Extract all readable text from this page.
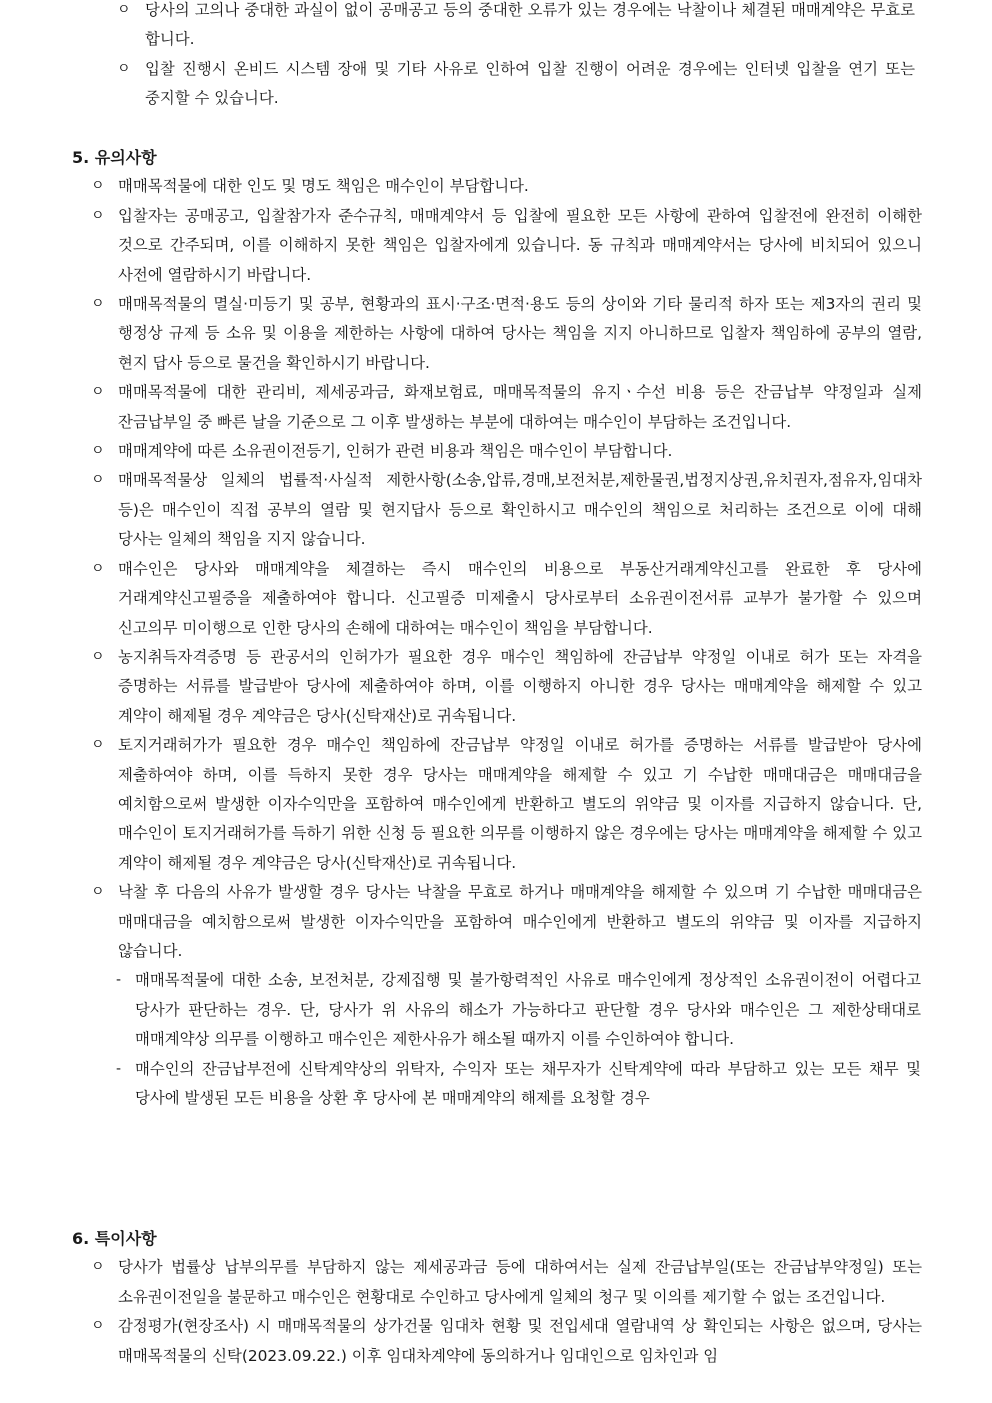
ㅇ 당사의 고의나 중대한 과실이 없이 공매공고 등의 중대한 오류가 있는 경우에는 낙찰이나 체결된 매매계약은 무효로 합니다.
ㅇ 입찰 진행시 온비드 시스템 장애 및 기타 사유로 인하여 입찰 진행이 어려운 경우에는 인터넷 입찰을 연기 또는 중지할 수 있습니다.
5. 유의사항
ㅇ 매매목적물에 대한 인도 및 명도 책임은 매수인이 부담합니다.
ㅇ 입찰자는 공매공고, 입찰참가자 준수규칙, 매매계약서 등 입찰에 필요한 모든 사항에 관하여 입찰전에 완전히 이해한 것으로 간주되며, 이를 이해하지 못한 책임은 입찰자에게 있습니다. 동 규칙과 매매계약서는 당사에 비치되어 있으니 사전에 열람하시기 바랍니다.
ㅇ 매매목적물의 멸실·미등기 및 공부, 현황과의 표시·구조·면적·용도 등의 상이와 기타 물리적 하자 또는 제3자의 권리 및 행정상 규제 등 소유 및 이용을 제한하는 사항에 대하여 당사는 책임을 지지 아니하므로 입찰자 책임하에 공부의 열람, 현지 답사 등으로 물건을 확인하시기 바랍니다.
ㅇ 매매목적물에 대한 관리비, 제세공과금, 화재보험료, 매매목적물의 유지ㆍ수선 비용 등은 잔금납부 약정일과 실제 잔금납부일 중 빠른 날을 기준으로 그 이후 발생하는 부분에 대하여는 매수인이 부담하는 조건입니다.
ㅇ 매매계약에 따른 소유권이전등기, 인허가 관련 비용과 책임은 매수인이 부담합니다.
ㅇ 매매목적물상 일체의 법률적·사실적 제한사항(소송,압류,경매,보전처분,제한물권,법정지상권,유치권자,점유자,임대차 등)은 매수인이 직접 공부의 열람 및 현지답사 등으로 확인하시고 매수인의 책임으로 처리하는 조건으로 이에 대해 당사는 일체의 책임을 지지 않습니다.
ㅇ 매수인은 당사와 매매계약을 체결하는 즉시 매수인의 비용으로 부동산거래계약신고를 완료한 후 당사에 거래계약신고필증을 제출하여야 합니다. 신고필증 미제출시 당사로부터 소유권이전서류 교부가 불가할 수 있으며 신고의무 미이행으로 인한 당사의 손해에 대하여는 매수인이 책임을 부담합니다.
ㅇ 농지취득자격증명 등 관공서의 인허가가 필요한 경우 매수인 책임하에 잔금납부 약정일 이내로 허가 또는 자격을 증명하는 서류를 발급받아 당사에 제출하여야 하며, 이를 이행하지 아니한 경우 당사는 매매계약을 해제할 수 있고 계약이 해제될 경우 계약금은 당사(신탁재산)로 귀속됩니다.
ㅇ 토지거래허가가 필요한 경우 매수인 책임하에 잔금납부 약정일 이내로 허가를 증명하는 서류를 발급받아 당사에 제출하여야 하며, 이를 득하지 못한 경우 당사는 매매계약을 해제할 수 있고 기 수납한 매매대금은 매매대금을 예치함으로써 발생한 이자수익만을 포함하여 매수인에게 반환하고 별도의 위약금 및 이자를 지급하지 않습니다. 단, 매수인이 토지거래허가를 득하기 위한 신청 등 필요한 의무를 이행하지 않은 경우에는 당사는 매매계약을 해제할 수 있고 계약이 해제될 경우 계약금은 당사(신탁재산)로 귀속됩니다.
ㅇ 낙찰 후 다음의 사유가 발생할 경우 당사는 낙찰을 무효로 하거나 매매계약을 해제할 수 있으며 기 수납한 매매대금은 매매대금을 예치함으로써 발생한 이자수익만을 포함하여 매수인에게 반환하고 별도의 위약금 및 이자를 지급하지 않습니다.
- 매매목적물에 대한 소송, 보전처분, 강제집행 및 불가항력적인 사유로 매수인에게 정상적인 소유권이전이 어렵다고 당사가 판단하는 경우. 단, 당사가 위 사유의 해소가 가능하다고 판단할 경우 당사와 매수인은 그 제한상태대로 매매계약상 의무를 이행하고 매수인은 제한사유가 해소될 때까지 이를 수인하여야 합니다.
- 매수인의 잔금납부전에 신탁계약상의 위탁자, 수익자 또는 채무자가 신탁계약에 따라 부담하고 있는 모든 채무 및 당사에 발생된 모든 비용을 상환 후 당사에 본 매매계약의 해제를 요청할 경우
6. 특이사항
ㅇ 당사가 법률상 납부의무를 부담하지 않는 제세공과금 등에 대하여서는 실제 잔금납부일(또는 잔금납부약정일) 또는 소유권이전일을 불문하고 매수인은 현황대로 수인하고 당사에게 일체의 청구 및 이의를 제기할 수 없는 조건입니다.
ㅇ 감정평가(현장조사) 시 매매목적물의 상가건물 임대차 현황 및 전입세대 열람내역 상 확인되는 사항은 없으며, 당사는 매매목적물의 신탁(2023.09.22.) 이후 임대차계약에 동의하거나 임대인으로 임차인과 임
